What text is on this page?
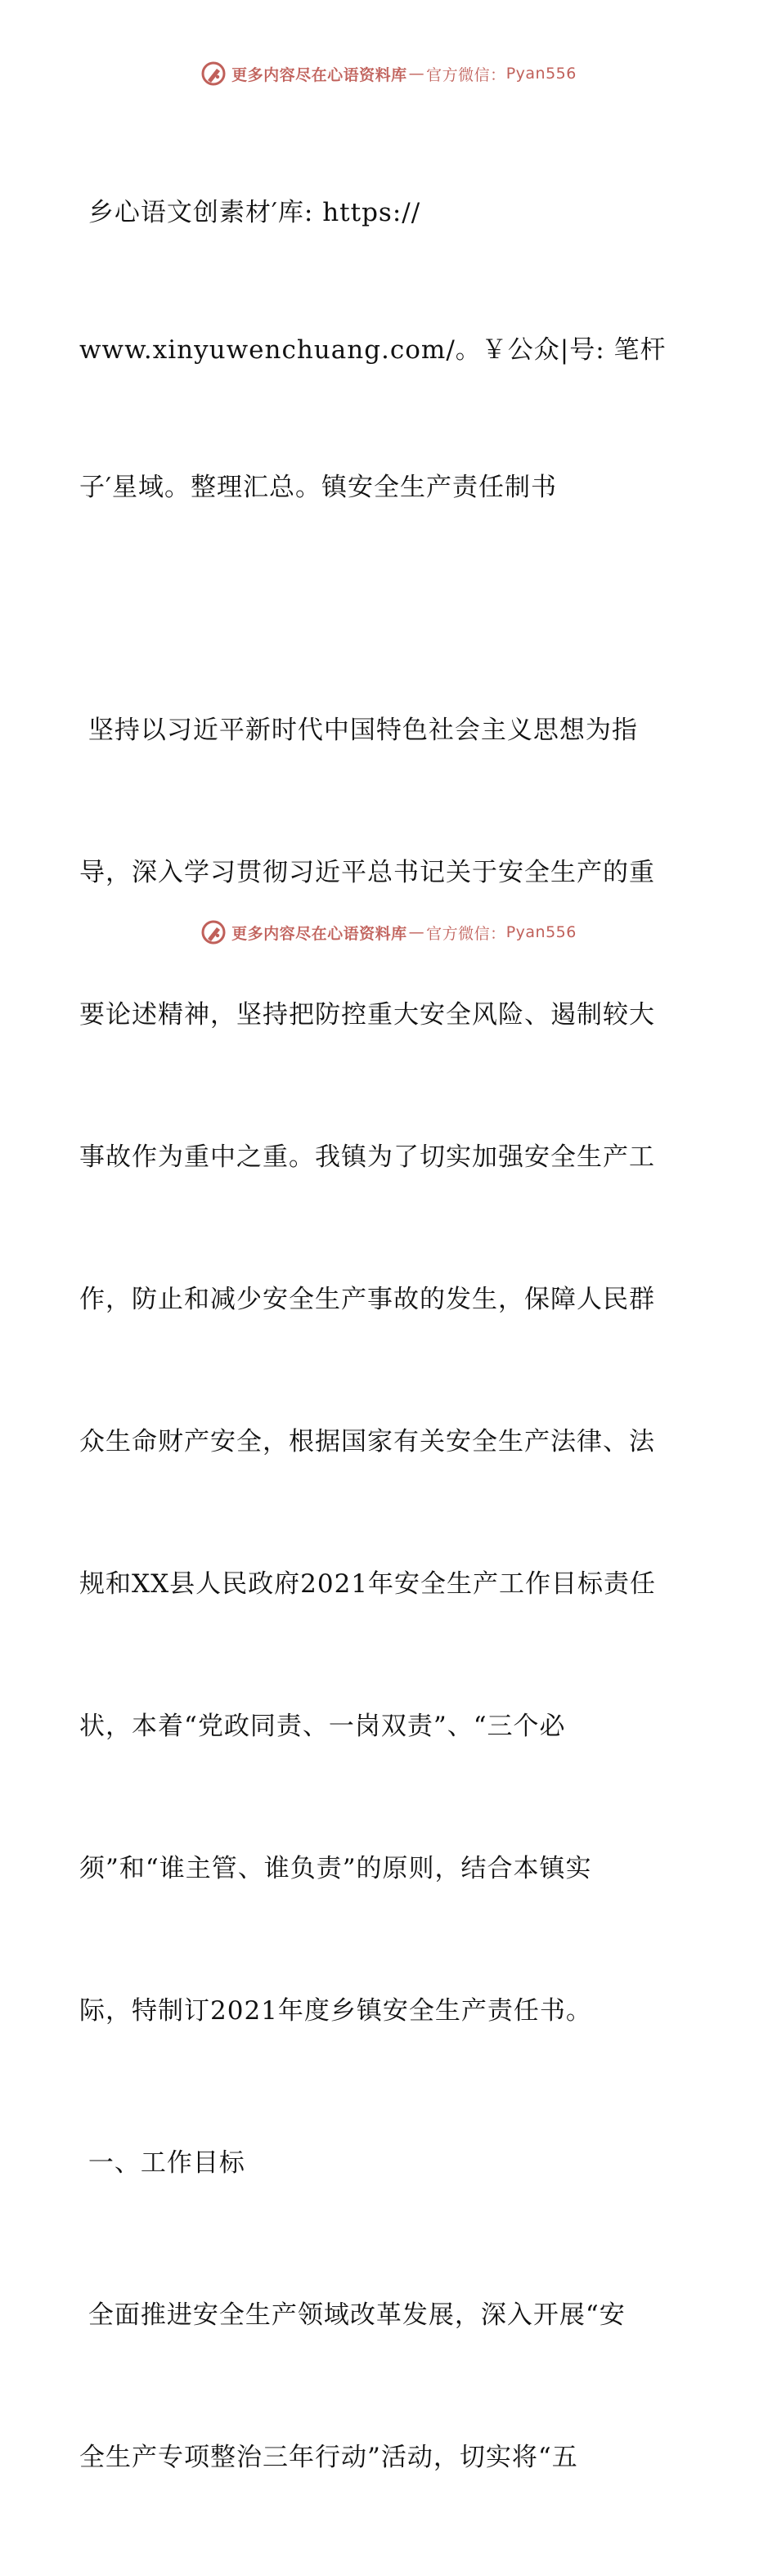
更多内容尽在心语资料库 — 官方微信： Pyan556

乡心语文创素材′库: https://

www.xinyuwenchuang.com/。￥公众|号: 笔杆

子′星域。整理汇总。镇安全生产责任制书

坚持以习近平新时代中国特色社会主义思想为指

导，深入学习贯彻习近平总书记关于安全生产的重

要论述精神，坚持把防控重大安全风险、遏制较大

事故作为重中之重。我镇为了切实加强安全生产工

作，防止和减少安全生产事故的发生，保障人民群

众生命财产安全，根据国家有关安全生产法律、法

规和XX县人民政府2021年安全生产工作目标责任

状，本着“党政同责、一岗双责”、“三个必

须”和“谁主管、谁负责”的原则，结合本镇实

际，特制订2021年度乡镇安全生产责任书。

一、工作目标

全面推进安全生产领域改革发展，深入开展“安

全生产专项整治三年行动”活动，切实将“五

更多内容尽在心语资料库 — 官方微信： Pyan556
